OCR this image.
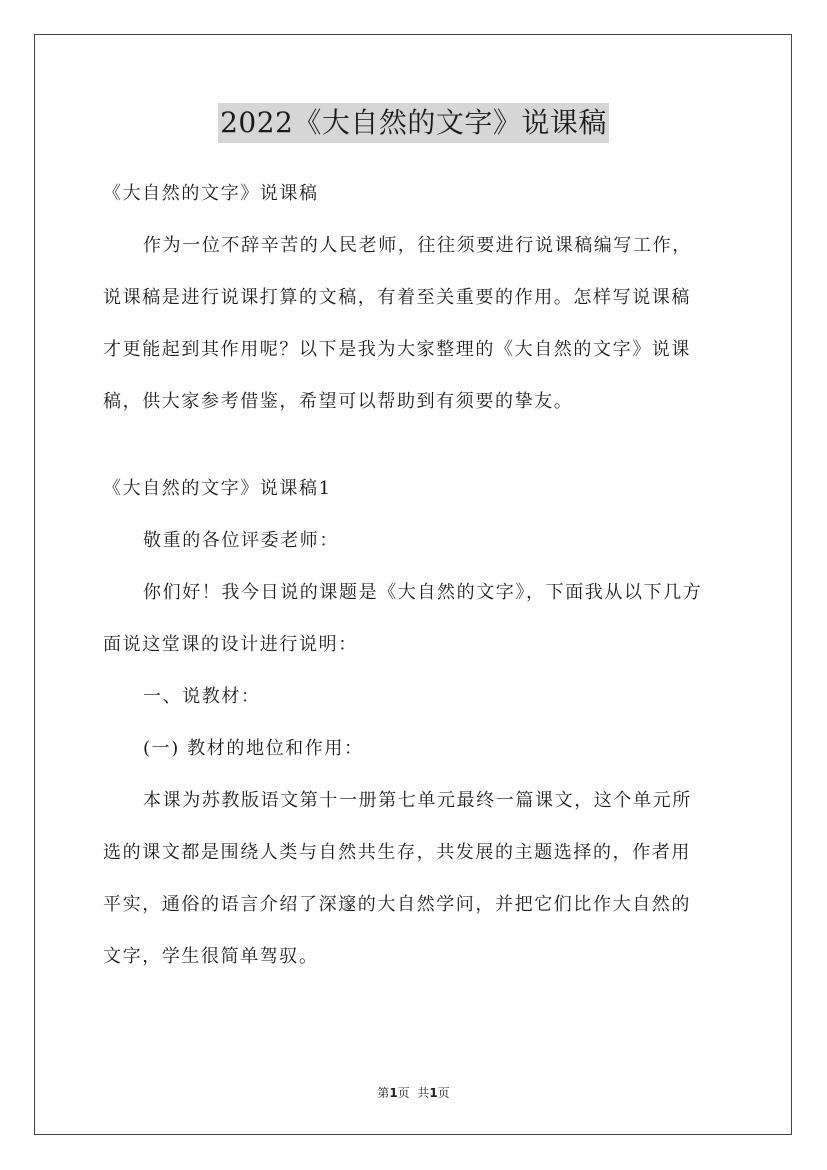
2022《大自然的文字》说课稿
《大自然的文字》说课稿
作为一位不辞辛苦的人民老师，往往须要进行说课稿编写工作，
说课稿是进行说课打算的文稿，有着至关重要的作用。怎样写说课稿
才更能起到其作用呢？以下是我为大家整理的《大自然的文字》说课
稿，供大家参考借鉴，希望可以帮助到有须要的挚友。
《大自然的文字》说课稿1
敬重的各位评委老师：
你们好！我今日说的课题是《大自然的文字》，下面我从以下几方
面说这堂课的设计进行说明：
一、说教材：
(一) 教材的地位和作用：
本课为苏教版语文第十一册第七单元最终一篇课文，这个单元所
选的课文都是围绕人类与自然共生存，共发展的主题选择的，作者用
平实，通俗的语言介绍了深邃的大自然学问，并把它们比作大自然的
文字，学生很简单驾驭。
第1页  共1页
